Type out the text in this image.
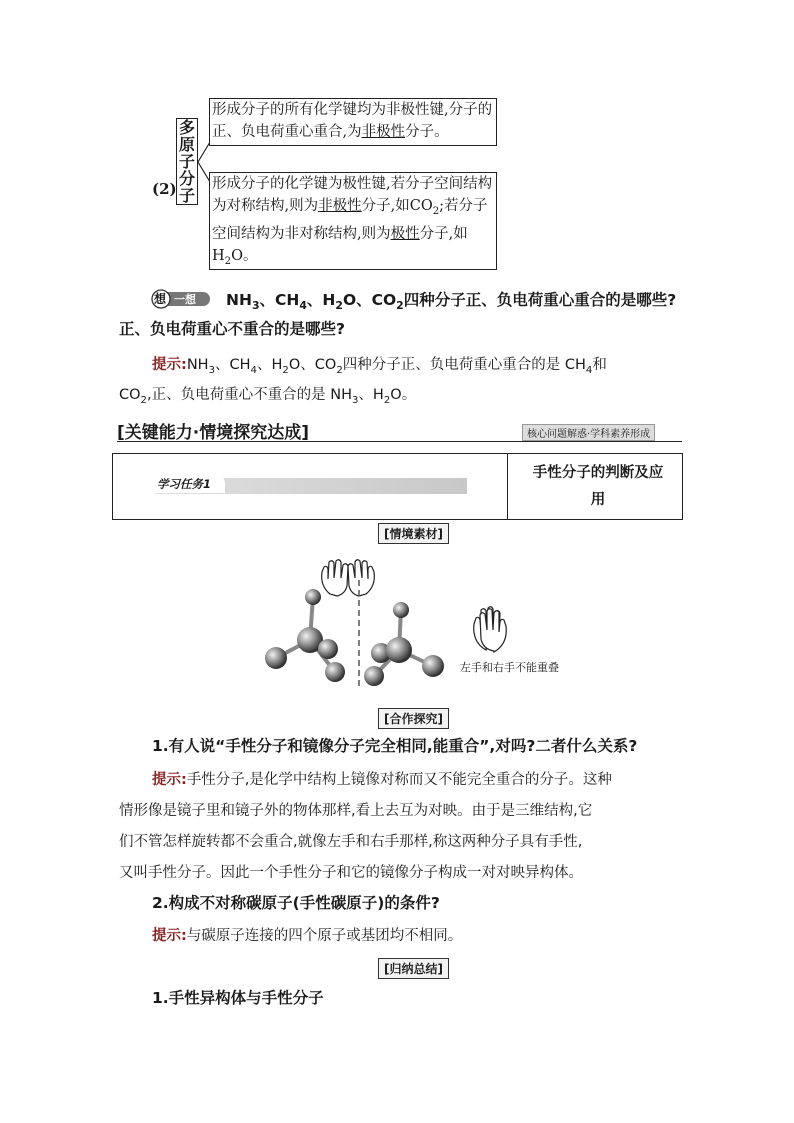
(2)
多
原
子
分
子
形成分子的所有化学键均为非极性键,分子的正、负电荷重心重合,为非极性分子。
形成分子的化学键为极性键,若分子空间结构为对称结构,则为非极性分子,如$CO_2$;若分子空间结构为非对称结构,则为极性分子,如 $H_2O$。
想 一想 $NH_3$、$CH_4$、$H_2O$、$CO_2$四种分子正、负电荷重心重合的是哪些?
正、负电荷重心不重合的是哪些?
提示$:NH_3$、$CH_4$、$H_2O$、$CO_2$四种分子正、负电荷重心重合的是 $CH_4$和
$CO_2$,正、负电荷重心不重合的是 $NH_3$、$H_2O$。
[关键能力·情境探究达成]	核心问题解惑·学科素养形成
学习任务1
手性分子的判断及应
用
[情境素材]
左手和右手不能重叠
[合作探究]
1.有人说“手性分子和镜像分子完全相同,能重合”,对吗?二者什么关系?
提示:手性分子,是化学中结构上镜像对称而又不能完全重合的分子。这种
情形像是镜子里和镜子外的物体那样,看上去互为对映。由于是三维结构,它
们不管怎样旋转都不会重合,就像左手和右手那样,称这两种分子具有手性,
又叫手性分子。因此一个手性分子和它的镜像分子构成一对对映异构体。
2.构成不对称碳原子(手性碳原子)的条件?
提示:与碳原子连接的四个原子或基团均不相同。
[归纳总结]
1.手性异构体与手性分子
